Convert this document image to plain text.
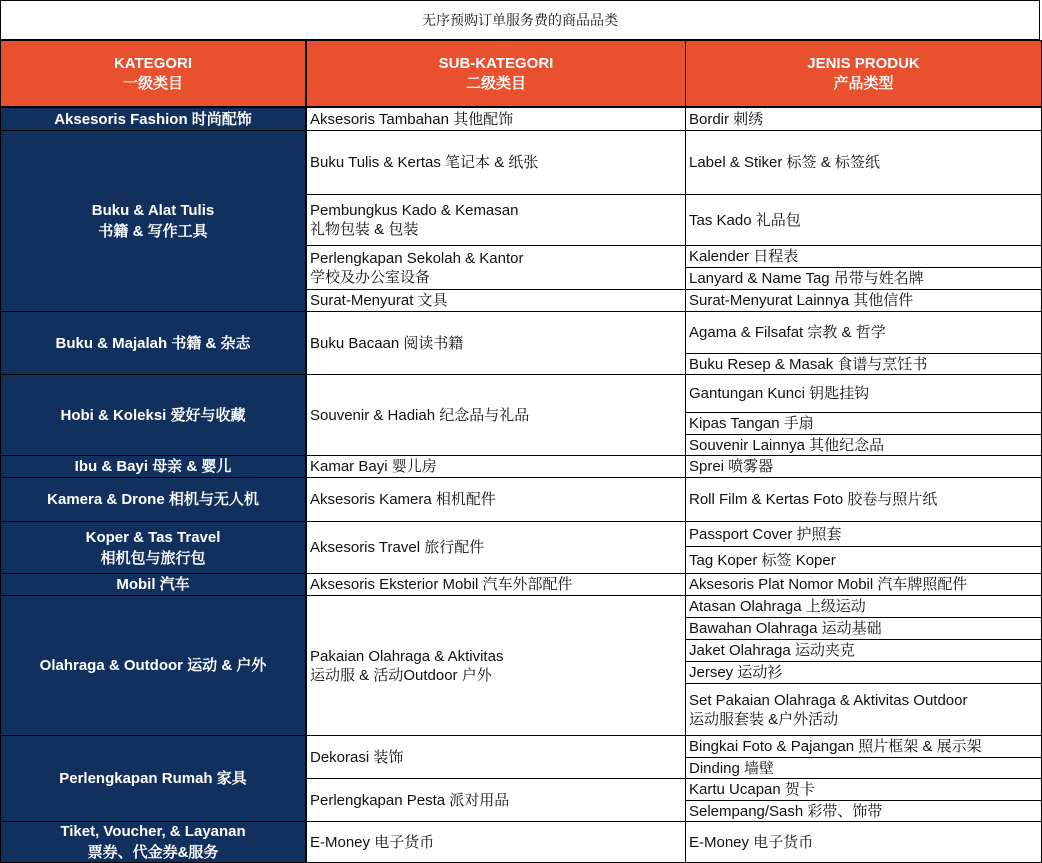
无序预购订单服务费的商品品类
KATEGORI
一级类目
SUB-KATEGORI
二级类目
JENIS PRODUK
产品类型
Aksesoris Fashion 时尚配饰
Buku & Alat Tulis
书籍 & 写作工具
Buku & Majalah 书籍 & 杂志
Hobi & Koleksi 爱好与收藏
Ibu & Bayi 母亲 & 婴儿
Kamera & Drone 相机与无人机
Koper & Tas Travel
相机包与旅行包
Mobil 汽车
Olahraga & Outdoor 运动 & 户外
Perlengkapan Rumah 家具
Tiket, Voucher, & Layanan
票券、代金券&服务
Aksesoris Tambahan 其他配饰
Buku Tulis & Kertas 笔记本 & 纸张
Pembungkus Kado & Kemasan
礼物包装 & 包装
Perlengkapan Sekolah & Kantor
学校及办公室设备
Surat-Menyurat 文具
Buku Bacaan 阅读书籍
Souvenir & Hadiah 纪念品与礼品
Kamar Bayi 婴儿房
Aksesoris Kamera 相机配件
Aksesoris Travel 旅行配件
Aksesoris Eksterior Mobil 汽车外部配件
Pakaian Olahraga & Aktivitas
运动服 & 活动Outdoor 户外
Dekorasi 装饰
Perlengkapan Pesta 派对用品
E-Money 电子货币
Bordir 刺绣
Label & Stiker 标签 & 标签纸
Tas Kado 礼品包
Kalender 日程表
Lanyard & Name Tag 吊带与姓名牌
Surat-Menyurat Lainnya 其他信件
Agama & Filsafat 宗教 & 哲学
Buku Resep & Masak 食谱与烹饪书
Gantungan Kunci 钥匙挂钩
Kipas Tangan 手扇
Souvenir Lainnya 其他纪念品
Sprei 喷雾器
Roll Film & Kertas Foto 胶卷与照片纸
Passport Cover 护照套
Tag Koper 标签 Koper
Aksesoris Plat Nomor Mobil 汽车牌照配件
Atasan Olahraga 上级运动
Bawahan Olahraga 运动基础
Jaket Olahraga 运动夹克
Jersey 运动衫
Set Pakaian Olahraga & Aktivitas Outdoor
运动服套装 &户外活动
Bingkai Foto & Pajangan 照片框架 & 展示架
Dinding 墙壁
Kartu Ucapan 贺卡
Selempang/Sash 彩带、饰带
E-Money 电子货币
